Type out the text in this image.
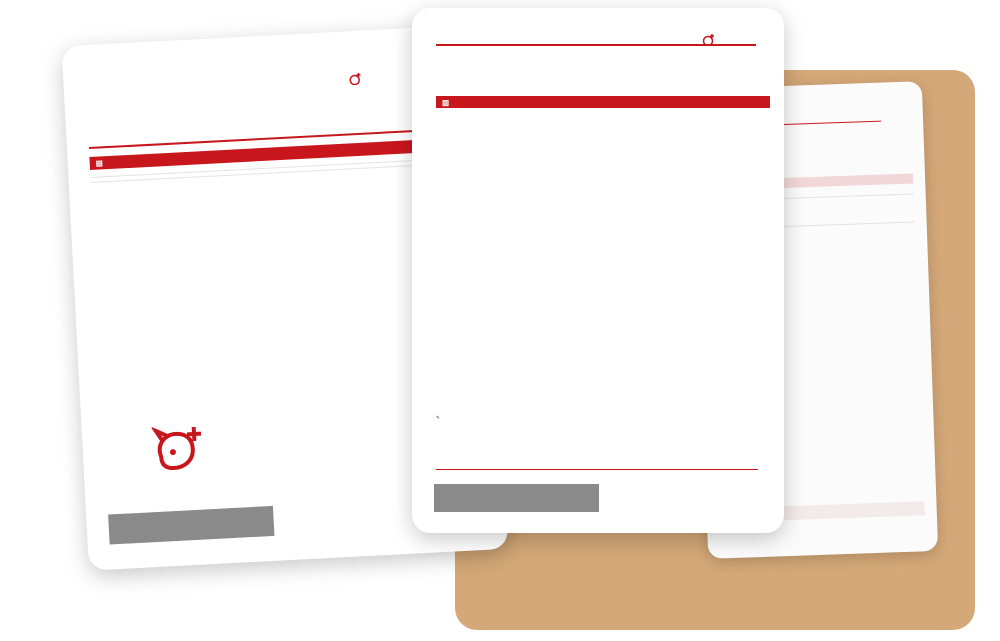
▤

▥

✎
